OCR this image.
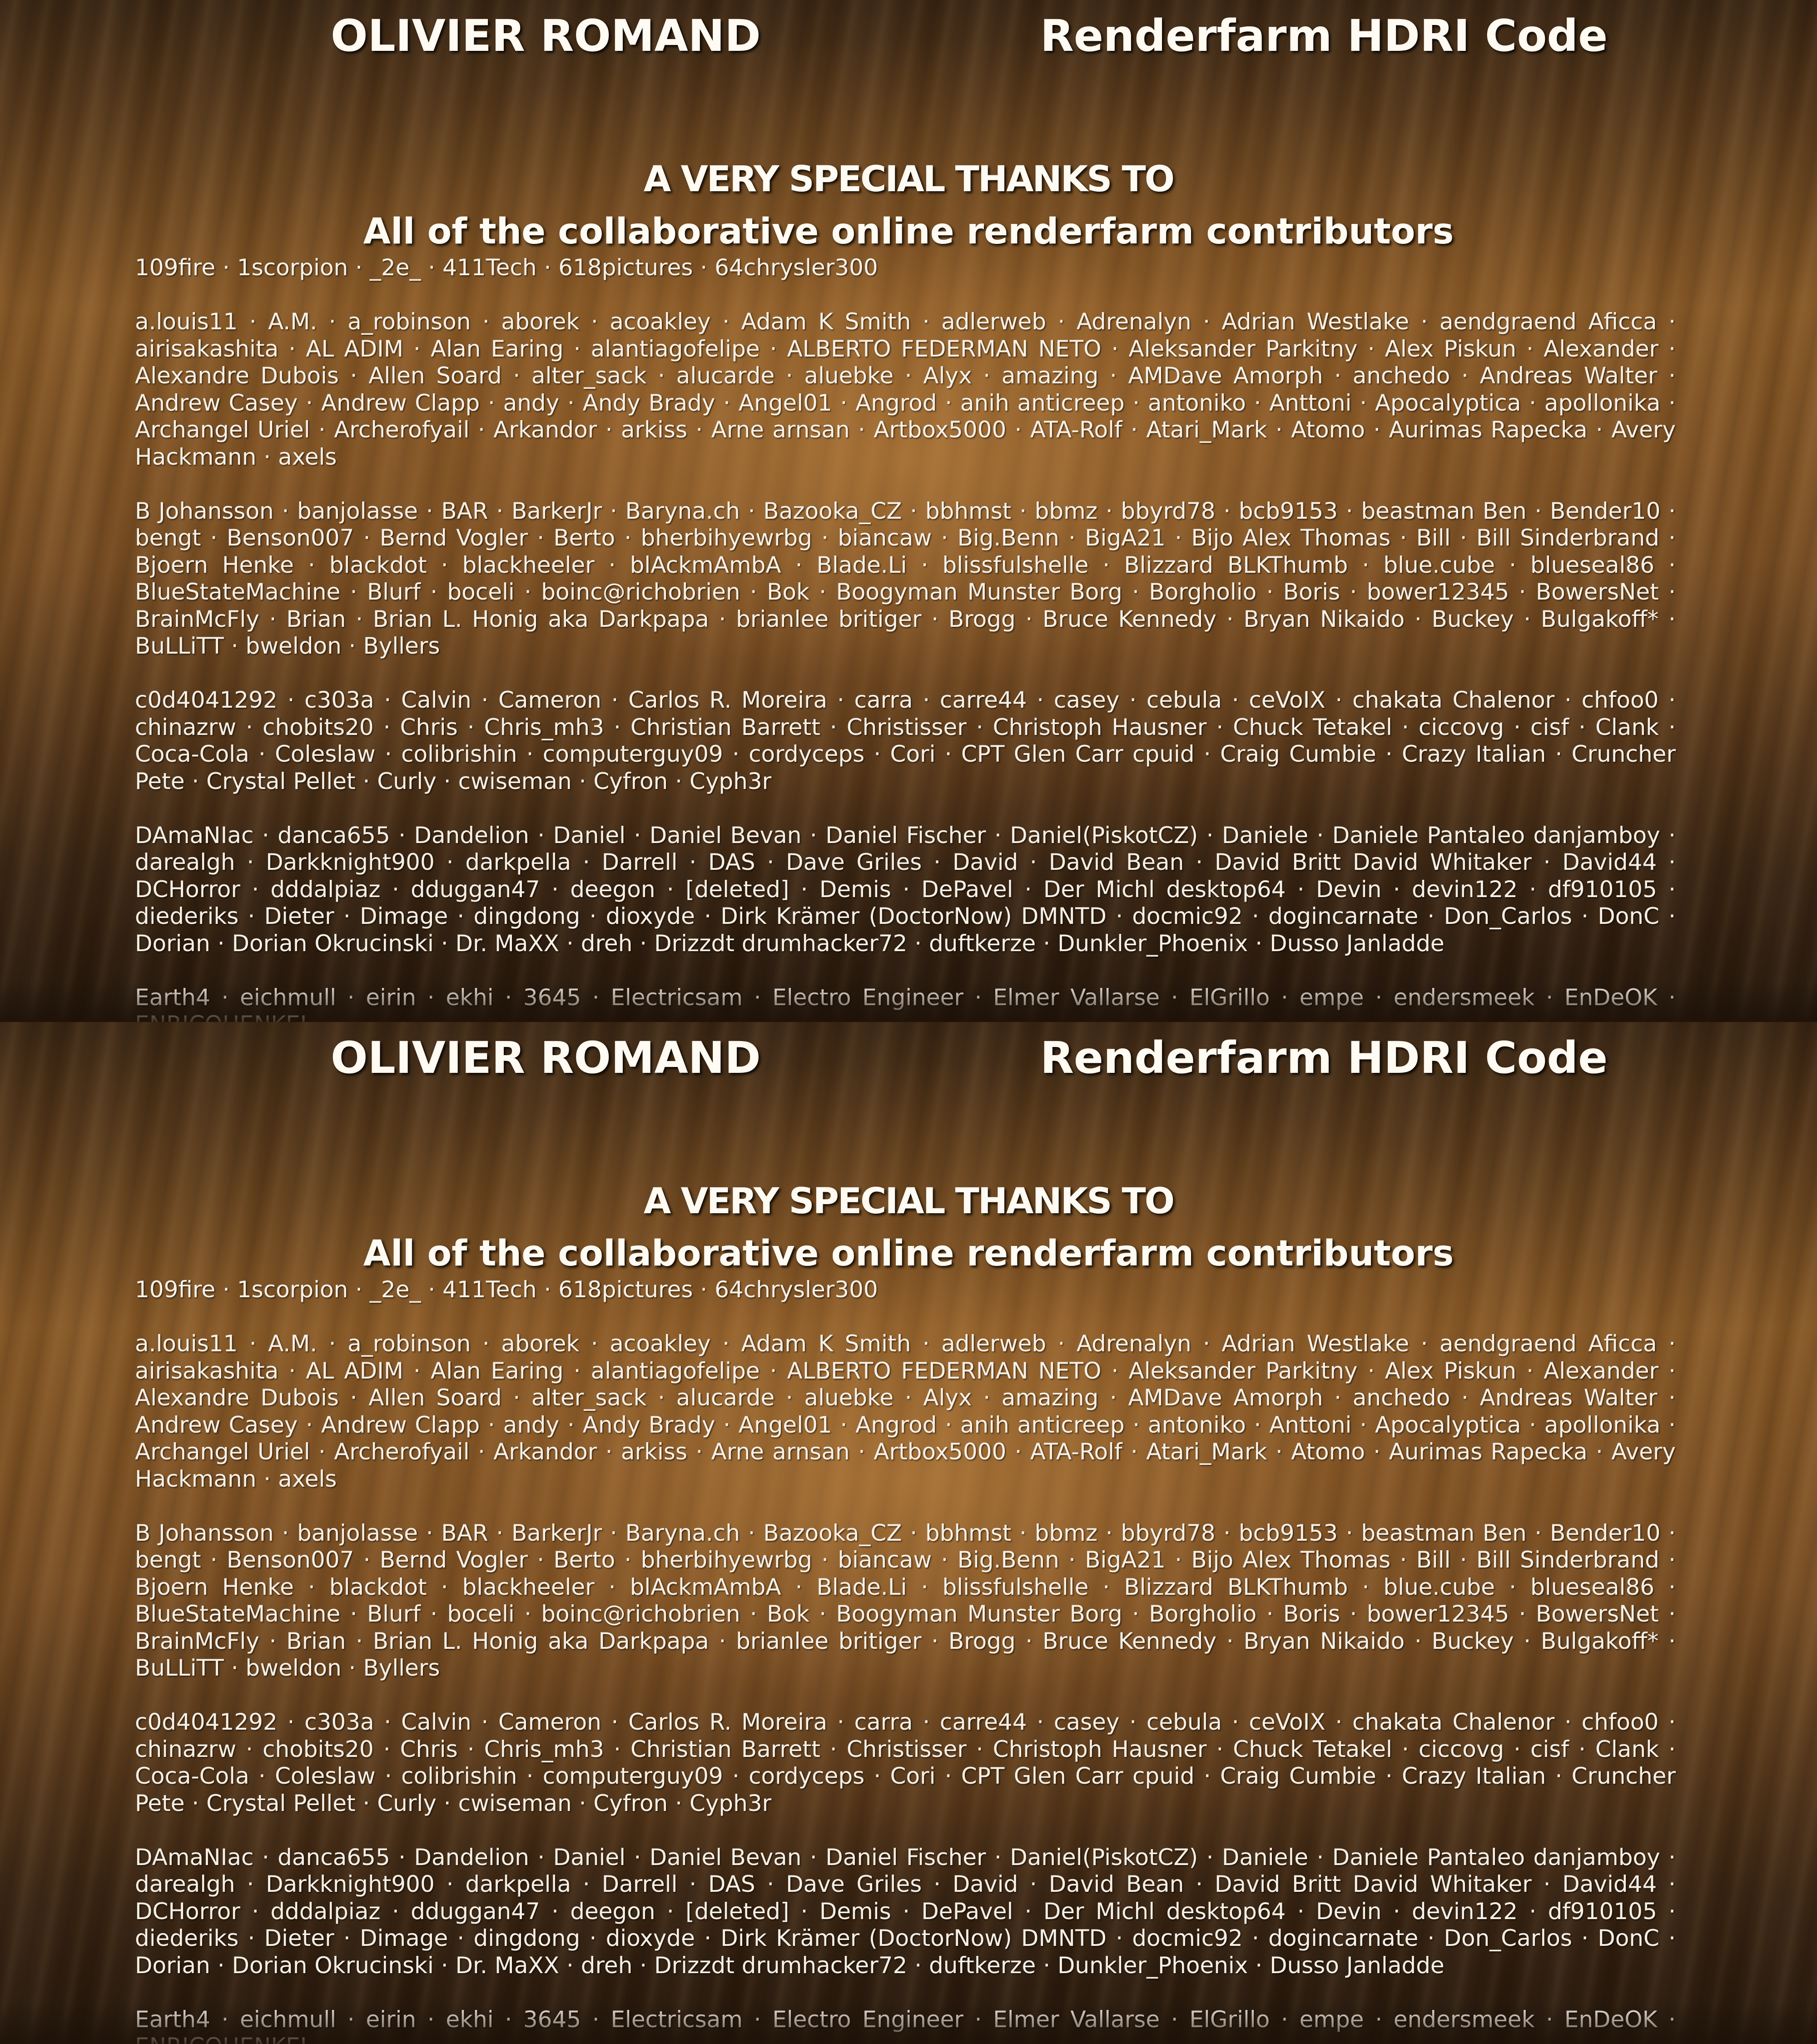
OLIVIER ROMAND	Renderfarm HDRI Code
A VERY SPECIAL THANKS TO
All of the collaborative online renderfarm contributors

109fire · 1scorpion · _2e_ · 411Tech · 618pictures · 64chrysler300

a.louis11 · A.M. · a_robinson · aborek · acoakley · Adam K Smith · adlerweb · Adrenalyn · Adrian Westlake · aendgraend Aficca · airisakashita · AL ADIM · Alan Earing · alantiagofelipe · ALBERTO FEDERMAN NETO · Aleksander Parkitny · Alex Piskun · Alexander · Alexandre Dubois · Allen Soard · alter_sack · alucarde · aluebke · Alyx · amazing · AMDave Amorph · anchedo · Andreas Walter · Andrew Casey · Andrew Clapp · andy · Andy Brady · Angel01 · Angrod · anih anticreep · antoniko · Anttoni · Apocalyptica · apollonika · Archangel Uriel · Archerofyail · Arkandor · arkiss · Arne arnsan · Artbox5000 · ATA-Rolf · Atari_Mark · Atomo · Aurimas Rapecka · Avery Hackmann · axels

B Johansson · banjolasse · BAR · BarkerJr · Baryna.ch · Bazooka_CZ · bbhmst · bbmz · bbyrd78 · bcb9153 · beastman Ben · Bender10 · bengt · Benson007 · Bernd Vogler · Berto · bherbihyewrbg · biancaw · Big.Benn · BigA21 · Bijo Alex Thomas · Bill · Bill Sinderbrand · Bjoern Henke · blackdot · blackheeler · blAckmAmbA · Blade.Li · blissfulshelle · Blizzard BLKThumb · blue.cube · blueseal86 · BlueStateMachine · Blurf · boceli · boinc@richobrien · Bok · Boogyman Munster Borg · Borgholio · Boris · bower12345 · BowersNet · BrainMcFly · Brian · Brian L. Honig aka Darkpapa · brianlee britiger · Brogg · Bruce Kennedy · Bryan Nikaido · Buckey · Bulgakoff* · BuLLiTT · bweldon · Byllers

c0d4041292 · c303a · Calvin · Cameron · Carlos R. Moreira · carra · carre44 · casey · cebula · ceVoIX · chakata Chalenor · chfoo0 · chinazrw · chobits20 · Chris · Chris_mh3 · Christian Barrett · Christisser · Christoph Hausner · Chuck Tetakel · ciccovg · cisf · Clank · Coca-Cola · Coleslaw · colibrishin · computerguy09 · cordyceps · Cori · CPT Glen Carr cpuid · Craig Cumbie · Crazy Italian · Cruncher Pete · Crystal Pellet · Curly · cwiseman · Cyfron · Cyph3r

DAmaNIac · danca655 · Dandelion · Daniel · Daniel Bevan · Daniel Fischer · Daniel(PiskotCZ) · Daniele · Daniele Pantaleo danjamboy · darealgh · Darkknight900 · darkpella · Darrell · DAS · Dave Griles · David · David Bean · David Britt David Whitaker · David44 · DCHorror · dddalpiaz · dduggan47 · deegon · [deleted] · Demis · DePavel · Der Michl desktop64 · Devin · devin122 · df910105 · diederiks · Dieter · Dimage · dingdong · dioxyde · Dirk Krämer (DoctorNow) DMNTD · docmic92 · dogincarnate · Don_Carlos · DonC · Dorian · Dorian Okrucinski · Dr. MaXX · dreh · Drizzdt drumhacker72 · duftkerze · Dunkler_Phoenix · Dusso Janladde

Earth4 · eichmull · eirin · ekhi · 3645 · Electricsam · Electro Engineer · Elmer Vallarse · ElGrillo · empe · endersmeek · EnDeOK ·

OLIVIER ROMAND	Renderfarm HDRI Code
A VERY SPECIAL THANKS TO
All of the collaborative online renderfarm contributors

109fire · 1scorpion · _2e_ · 411Tech · 618pictures · 64chrysler300

a.louis11 · A.M. · a_robinson · aborek · acoakley · Adam K Smith · adlerweb · Adrenalyn · Adrian Westlake · aendgraend Aficca · airisakashita · AL ADIM · Alan Earing · alantiagofelipe · ALBERTO FEDERMAN NETO · Aleksander Parkitny · Alex Piskun · Alexander · Alexandre Dubois · Allen Soard · alter_sack · alucarde · aluebke · Alyx · amazing · AMDave Amorph · anchedo · Andreas Walter · Andrew Casey · Andrew Clapp · andy · Andy Brady · Angel01 · Angrod · anih anticreep · antoniko · Anttoni · Apocalyptica · apollonika · Archangel Uriel · Archerofyail · Arkandor · arkiss · Arne arnsan · Artbox5000 · ATA-Rolf · Atari_Mark · Atomo · Aurimas Rapecka · Avery Hackmann · axels

B Johansson · banjolasse · BAR · BarkerJr · Baryna.ch · Bazooka_CZ · bbhmst · bbmz · bbyrd78 · bcb9153 · beastman Ben · Bender10 · bengt · Benson007 · Bernd Vogler · Berto · bherbihyewrbg · biancaw · Big.Benn · BigA21 · Bijo Alex Thomas · Bill · Bill Sinderbrand · Bjoern Henke · blackdot · blackheeler · blAckmAmbA · Blade.Li · blissfulshelle · Blizzard BLKThumb · blue.cube · blueseal86 · BlueStateMachine · Blurf · boceli · boinc@richobrien · Bok · Boogyman Munster Borg · Borgholio · Boris · bower12345 · BowersNet · BrainMcFly · Brian · Brian L. Honig aka Darkpapa · brianlee britiger · Brogg · Bruce Kennedy · Bryan Nikaido · Buckey · Bulgakoff* · BuLLiTT · bweldon · Byllers

c0d4041292 · c303a · Calvin · Cameron · Carlos R. Moreira · carra · carre44 · casey · cebula · ceVoIX · chakata Chalenor · chfoo0 · chinazrw · chobits20 · Chris · Chris_mh3 · Christian Barrett · Christisser · Christoph Hausner · Chuck Tetakel · ciccovg · cisf · Clank · Coca-Cola · Coleslaw · colibrishin · computerguy09 · cordyceps · Cori · CPT Glen Carr cpuid · Craig Cumbie · Crazy Italian · Cruncher Pete · Crystal Pellet · Curly · cwiseman · Cyfron · Cyph3r

DAmaNIac · danca655 · Dandelion · Daniel · Daniel Bevan · Daniel Fischer · Daniel(PiskotCZ) · Daniele · Daniele Pantaleo danjamboy · darealgh · Darkknight900 · darkpella · Darrell · DAS · Dave Griles · David · David Bean · David Britt David Whitaker · David44 · DCHorror · dddalpiaz · dduggan47 · deegon · [deleted] · Demis · DePavel · Der Michl desktop64 · Devin · devin122 · df910105 · diederiks · Dieter · Dimage · dingdong · dioxyde · Dirk Krämer (DoctorNow) DMNTD · docmic92 · dogincarnate · Don_Carlos · DonC · Dorian · Dorian Okrucinski · Dr. MaXX · dreh · Drizzdt drumhacker72 · duftkerze · Dunkler_Phoenix · Dusso Janladde

Earth4 · eichmull · eirin · ekhi · 3645 · Electricsam · Electro Engineer · Elmer Vallarse · ElGrillo · empe · endersmeek · EnDeOK ·
